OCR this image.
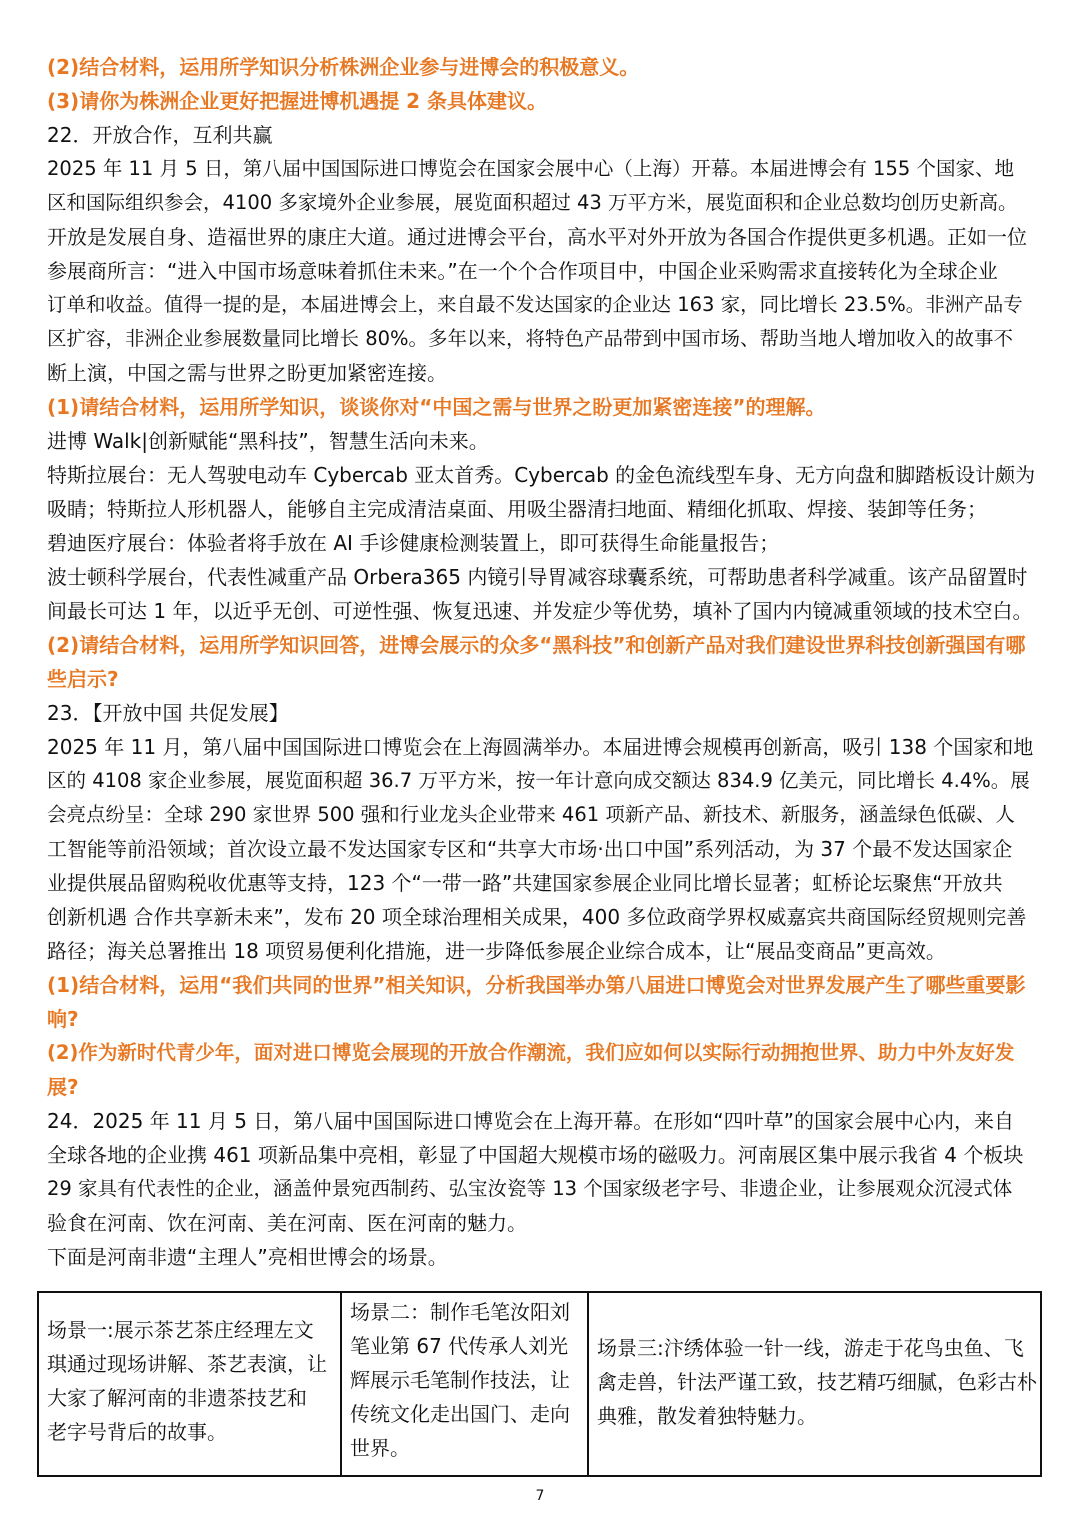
(2)结合材料，运用所学知识分析株洲企业参与进博会的积极意义。
(3)请你为株洲企业更好把握进博机遇提 2 条具体建议。
22．开放合作，互利共赢
2025 年 11 月 5 日，第八届中国国际进口博览会在国家会展中心（上海）开幕。本届进博会有 155 个国家、地
区和国际组织参会，4100 多家境外企业参展，展览面积超过 43 万平方米，展览面积和企业总数均创历史新高。
开放是发展自身、造福世界的康庄大道。通过进博会平台，高水平对外开放为各国合作提供更多机遇。正如一位
参展商所言：“进入中国市场意味着抓住未来。”在一个个合作项目中，中国企业采购需求直接转化为全球企业
订单和收益。值得一提的是，本届进博会上，来自最不发达国家的企业达 163 家，同比增长 23.5%。非洲产品专
区扩容，非洲企业参展数量同比增长 80%。多年以来，将特色产品带到中国市场、帮助当地人增加收入的故事不
断上演，中国之需与世界之盼更加紧密连接。
(1)请结合材料，运用所学知识，谈谈你对“中国之需与世界之盼更加紧密连接”的理解。
进博 Walk|创新赋能“黑科技”，智慧生活向未来。
特斯拉展台：无人驾驶电动车 Cybercab 亚太首秀。Cybercab 的金色流线型车身、无方向盘和脚踏板设计颇为
吸睛；特斯拉人形机器人，能够自主完成清洁桌面、用吸尘器清扫地面、精细化抓取、焊接、装卸等任务；
碧迪医疗展台：体验者将手放在 AI 手诊健康检测装置上，即可获得生命能量报告；
波士顿科学展台，代表性减重产品 Orbera365 内镜引导胃减容球囊系统，可帮助患者科学减重。该产品留置时
间最长可达 1 年，以近乎无创、可逆性强、恢复迅速、并发症少等优势，填补了国内内镜减重领域的技术空白。
(2)请结合材料，运用所学知识回答，进博会展示的众多“黑科技”和创新产品对我们建设世界科技创新强国有哪
些启示?
23．【开放中国 共促发展】
2025 年 11 月，第八届中国国际进口博览会在上海圆满举办。本届进博会规模再创新高，吸引 138 个国家和地
区的 4108 家企业参展，展览面积超 36.7 万平方米，按一年计意向成交额达 834.9 亿美元，同比增长 4.4%。展
会亮点纷呈：全球 290 家世界 500 强和行业龙头企业带来 461 项新产品、新技术、新服务，涵盖绿色低碳、人
工智能等前沿领域；首次设立最不发达国家专区和“共享大市场·出口中国”系列活动，为 37 个最不发达国家企
业提供展品留购税收优惠等支持，123 个“一带一路”共建国家参展企业同比增长显著；虹桥论坛聚焦“开放共
创新机遇 合作共享新未来”，发布 20 项全球治理相关成果，400 多位政商学界权威嘉宾共商国际经贸规则完善
路径；海关总署推出 18 项贸易便利化措施，进一步降低参展企业综合成本，让“展品变商品”更高效。
(1)结合材料，运用“我们共同的世界”相关知识，分析我国举办第八届进口博览会对世界发展产生了哪些重要影
响?
(2)作为新时代青少年，面对进口博览会展现的开放合作潮流，我们应如何以实际行动拥抱世界、助力中外友好发
展?
24．2025 年 11 月 5 日，第八届中国国际进口博览会在上海开幕。在形如“四叶草”的国家会展中心内，来自
全球各地的企业携 461 项新品集中亮相，彰显了中国超大规模市场的磁吸力。河南展区集中展示我省 4 个板块
29 家具有代表性的企业，涵盖仲景宛西制药、弘宝汝瓷等 13 个国家级老字号、非遗企业，让参展观众沉浸式体
验食在河南、饮在河南、美在河南、医在河南的魅力。
下面是河南非遗“主理人”亮相世博会的场景。
场景一:展示茶艺茶庄经理左文
琪通过现场讲解、茶艺表演，让
大家了解河南的非遗茶技艺和
老字号背后的故事。

场景二：制作毛笔汝阳刘
笔业第 67 代传承人刘光
辉展示毛笔制作技法，让
传统文化走出国门、走向
世界。

场景三:汴绣体验一针一线，游走于花鸟虫鱼、飞
禽走兽，针法严谨工致，技艺精巧细腻，色彩古朴
典雅，散发着独特魅力。
7
